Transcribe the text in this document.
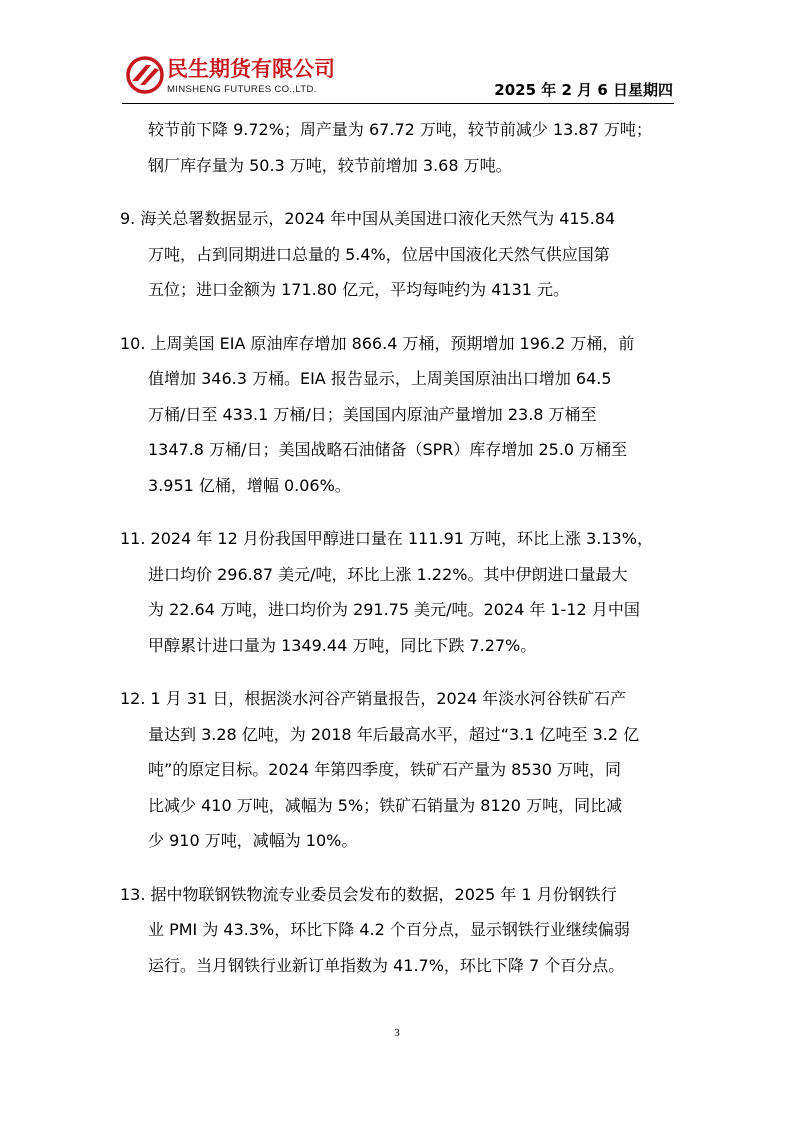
民生期货有限公司
MINSHENG FUTURES CO.,LTD.	2025 年 2 月 6 日星期四
较节前下降 9.72%；周产量为 67.72 万吨，较节前减少 13.87 万吨；
钢厂库存量为 50.3 万吨，较节前增加 3.68 万吨。
9. 海关总署数据显示，2024 年中国从美国进口液化天然气为 415.84
万吨，占到同期进口总量的 5.4%，位居中国液化天然气供应国第
五位；进口金额为 171.80 亿元，平均每吨约为 4131 元。
10. 上周美国 EIA 原油库存增加 866.4 万桶，预期增加 196.2 万桶，前
值增加 346.3 万桶。EIA 报告显示，上周美国原油出口增加 64.5
万桶/日至 433.1 万桶/日；美国国内原油产量增加 23.8 万桶至
1347.8 万桶/日；美国战略石油储备（SPR）库存增加 25.0 万桶至
3.951 亿桶，增幅 0.06%。
11. 2024 年 12 月份我国甲醇进口量在 111.91 万吨，环比上涨 3.13%，
进口均价 296.87 美元/吨，环比上涨 1.22%。其中伊朗进口量最大
为 22.64 万吨，进口均价为 291.75 美元/吨。2024 年 1-12 月中国
甲醇累计进口量为 1349.44 万吨，同比下跌 7.27%。
12. 1 月 31 日，根据淡水河谷产销量报告，2024 年淡水河谷铁矿石产
量达到 3.28 亿吨，为 2018 年后最高水平，超过“3.1 亿吨至 3.2 亿
吨”的原定目标。2024 年第四季度，铁矿石产量为 8530 万吨，同
比减少 410 万吨，减幅为 5%；铁矿石销量为 8120 万吨，同比减
少 910 万吨，减幅为 10%。
13. 据中物联钢铁物流专业委员会发布的数据，2025 年 1 月份钢铁行
业 PMI 为 43.3%，环比下降 4.2 个百分点，显示钢铁行业继续偏弱
运行。当月钢铁行业新订单指数为 41.7%，环比下降 7 个百分点。
3
